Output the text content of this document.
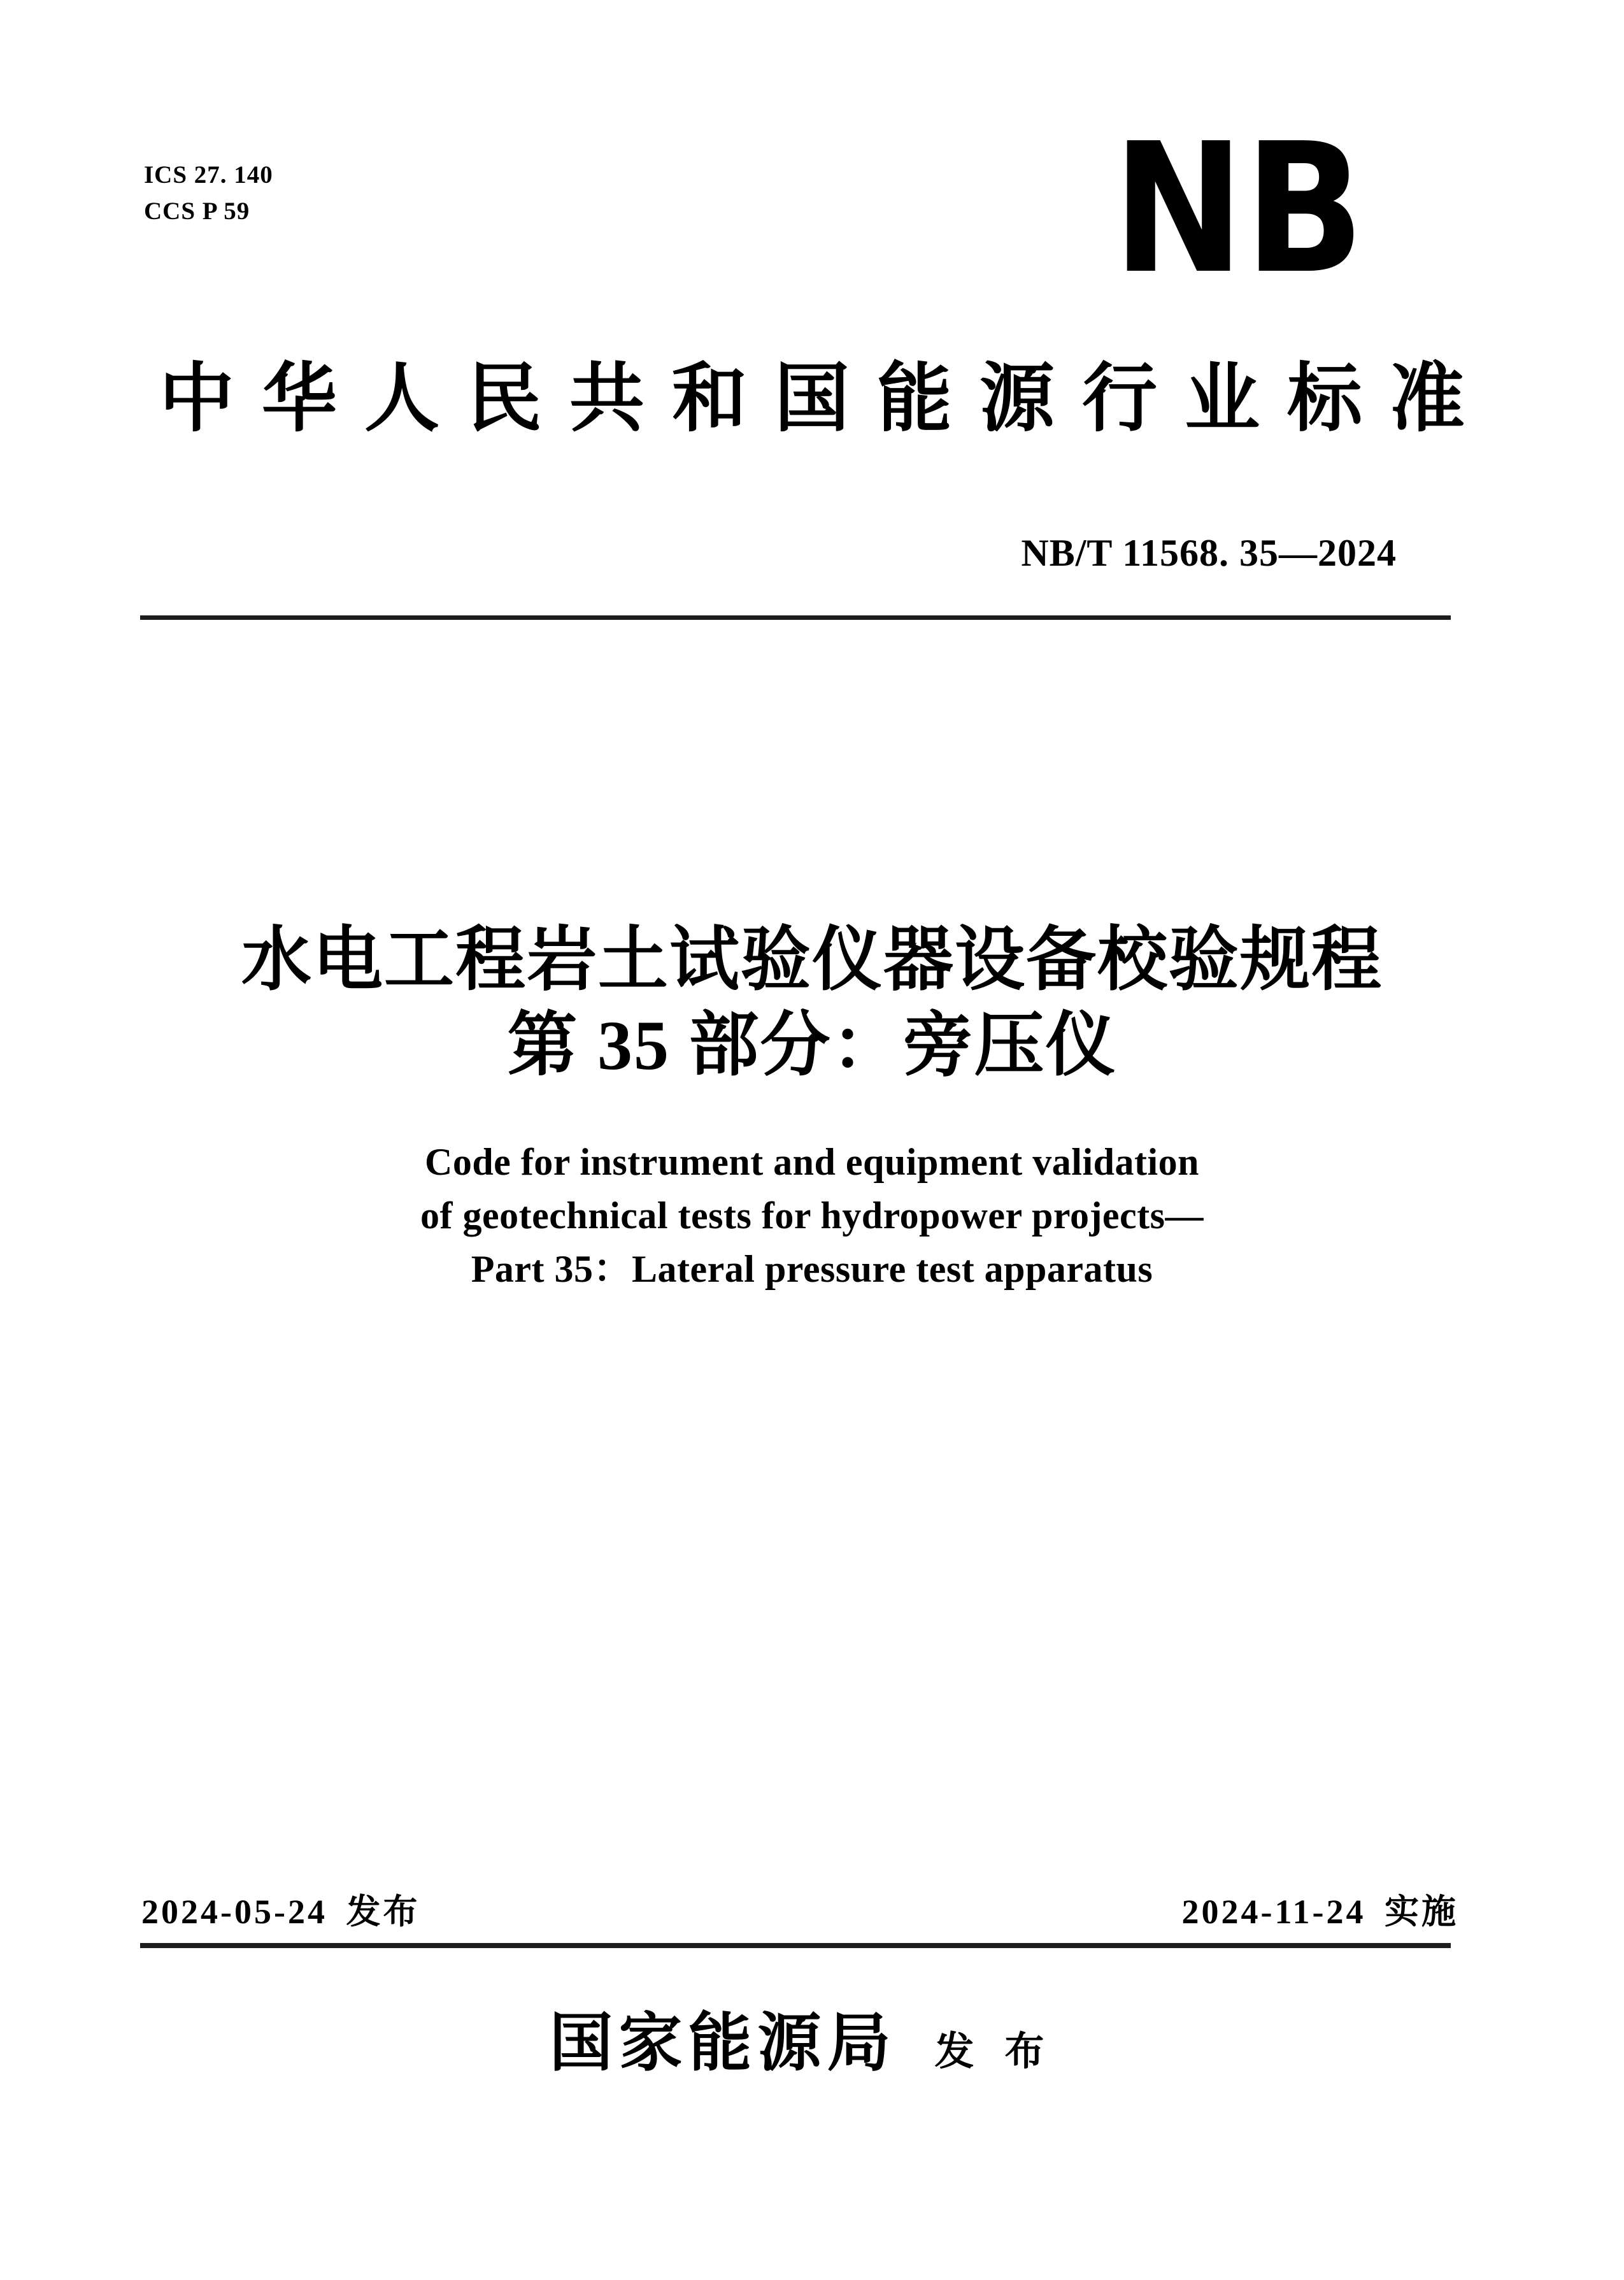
ICS 27. 140
CCS P 59	NB
中华人民共和国能源行业标准
NB/T 11568. 35—2024
水电工程岩土试验仪器设备校验规程
第 35 部分：旁压仪
Code for instrument and equipment validation
of geotechnical tests for hydropower projects—
Part 35：Lateral pressure test apparatus
2024-05-24 发布	2024-11-24 实施
国家能源局 发布
